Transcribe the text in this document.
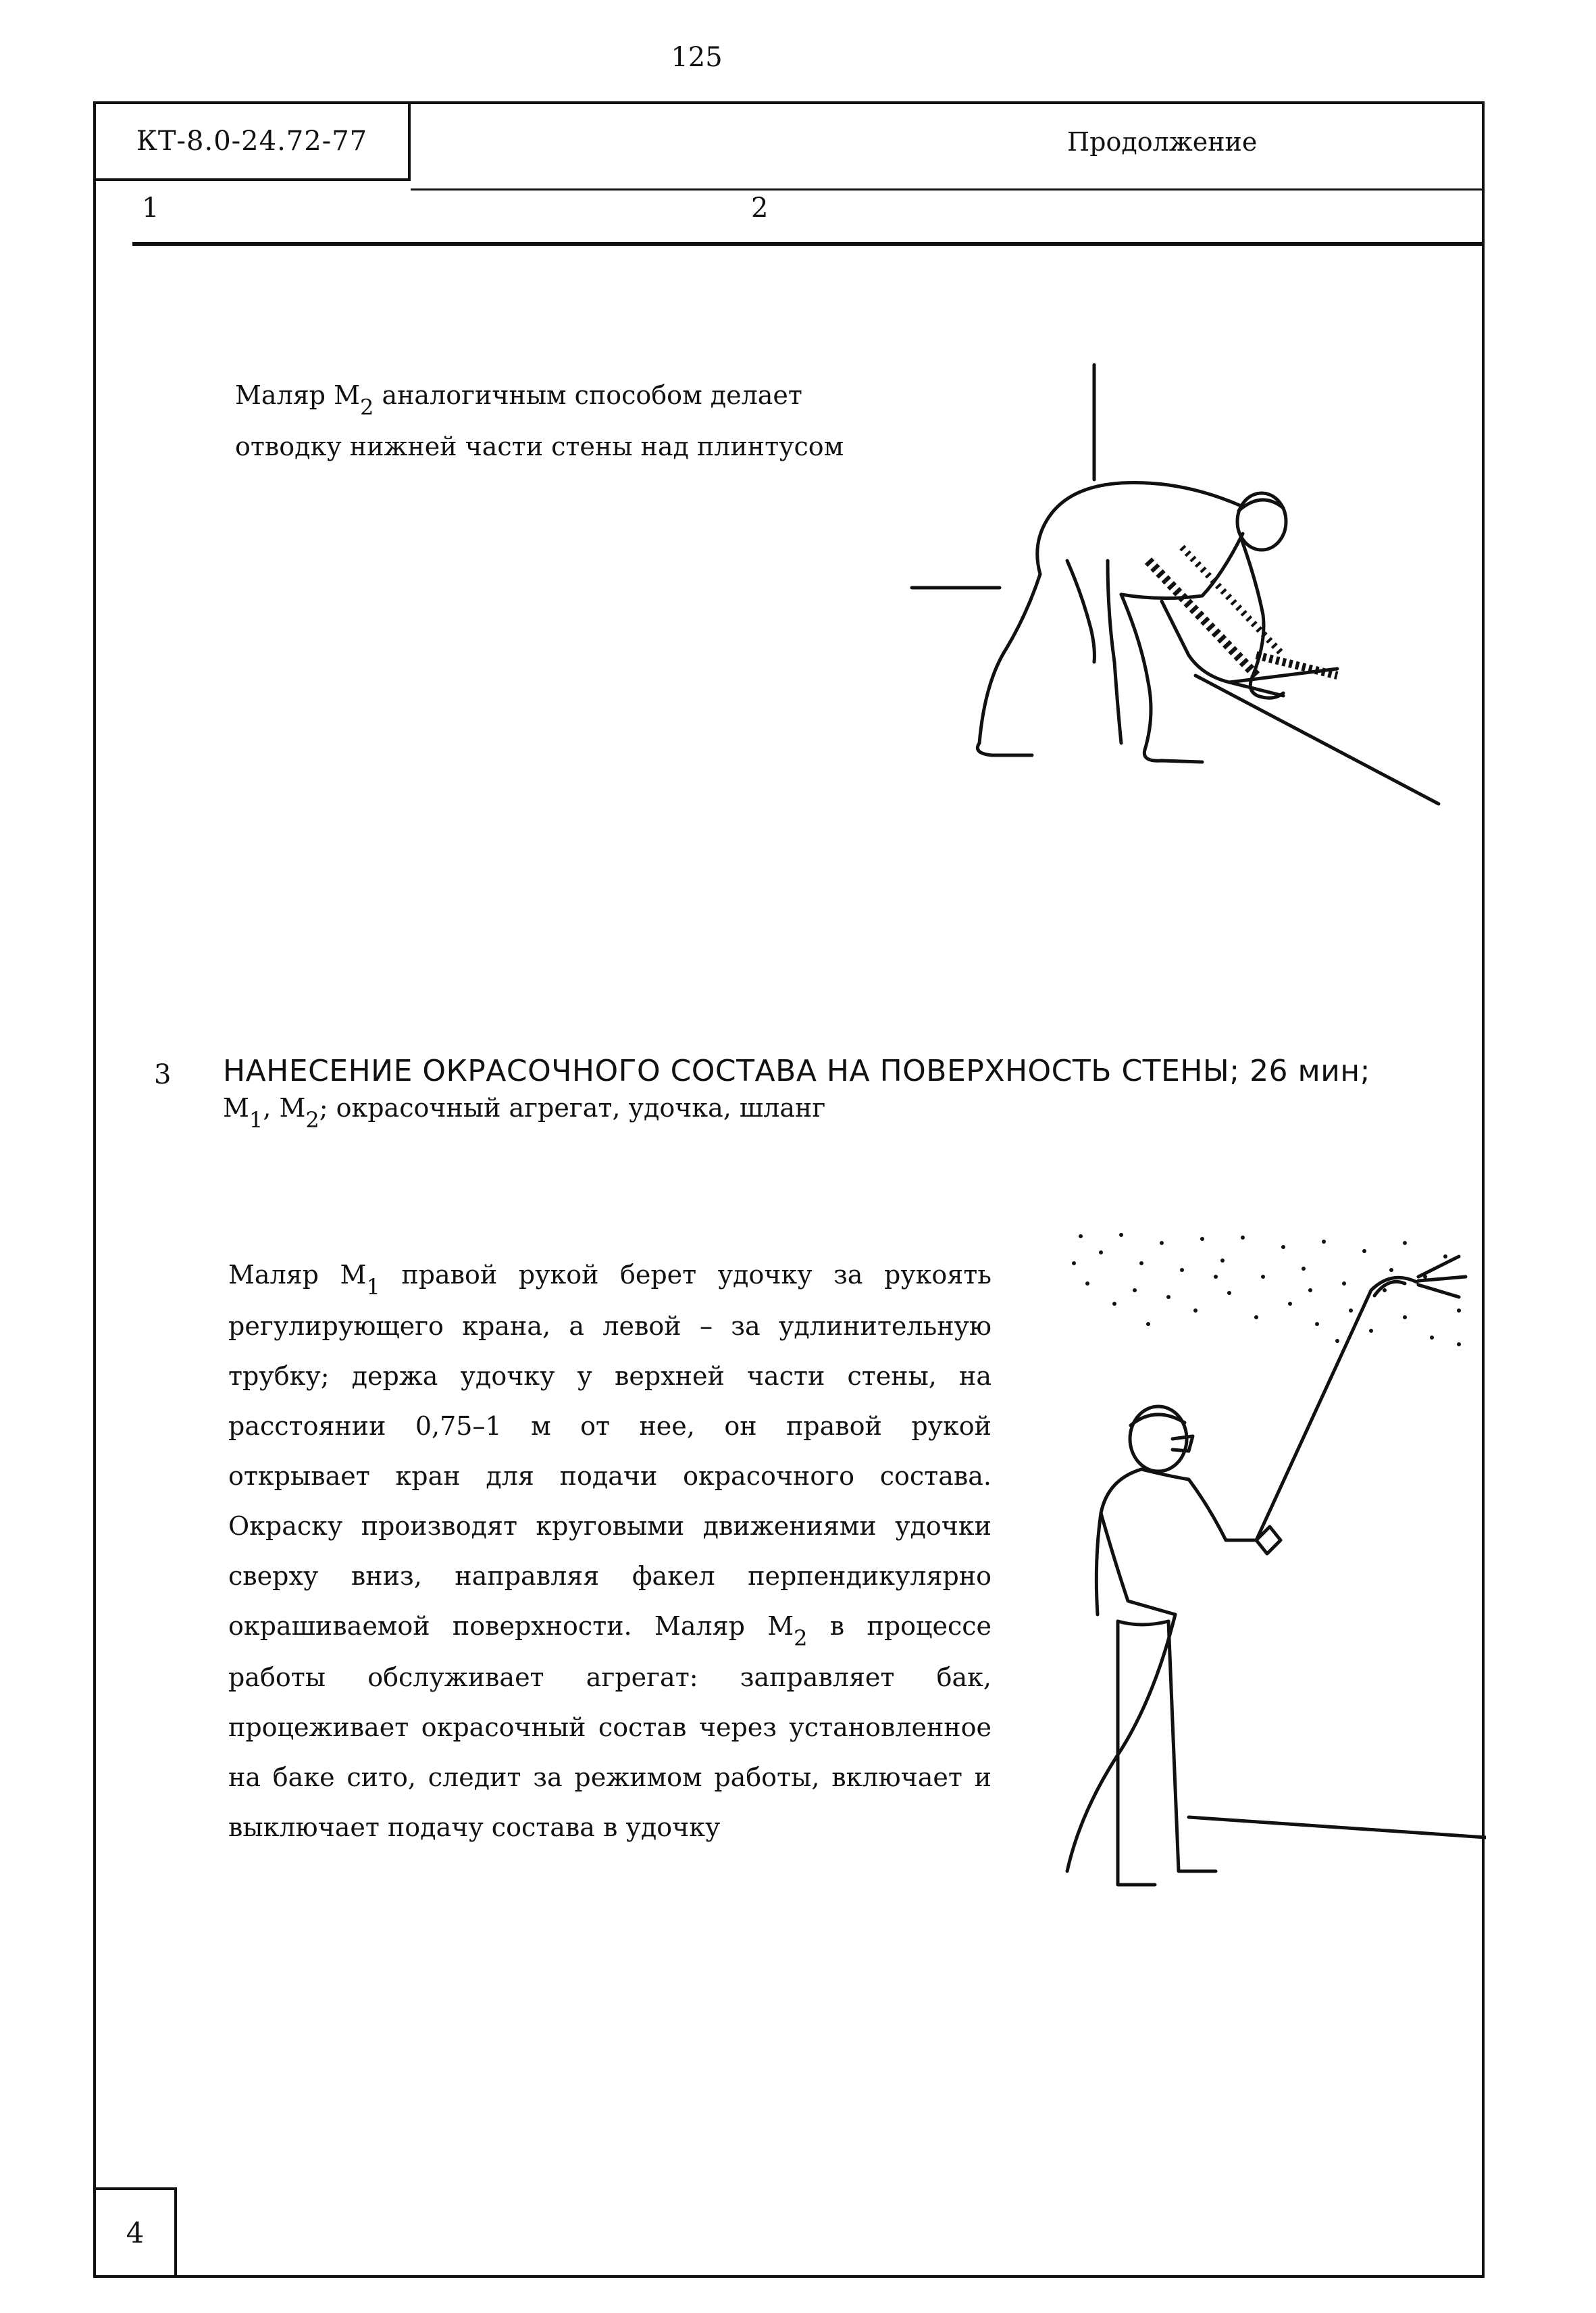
125
КТ-8.0-24.72-77	Продолжение
1	2
Маляр $М_2$ аналогичным способом делает отводку нижней части стены над плинтусом
3 НАНЕСЕНИЕ ОКРАСОЧНОГО СОСТАВА НА ПОВЕРХНОСТЬ СТЕНЫ; 26 мин;
$М_1$, $М_2$; окрасочный агрегат, удочка, шланг
Маляр $М_1$ правой рукой берет удочку за рукоять регулирующего крана, а левой – за удлинительную трубку; держа удочку у верхней части стены, на расстоянии 0,75–1 м от нее, он правой рукой открывает кран для подачи окрасочного состава. Окраску производят круговыми движениями удочки сверху вниз, направляя факел перпендикулярно окрашиваемой поверхности. Маляр $М_2$ в процессе работы обслуживает агрегат: заправляет бак, процеживает окрасочный состав через установленное на баке сито, следит за режимом работы, включает и выключает подачу состава в удочку
4
